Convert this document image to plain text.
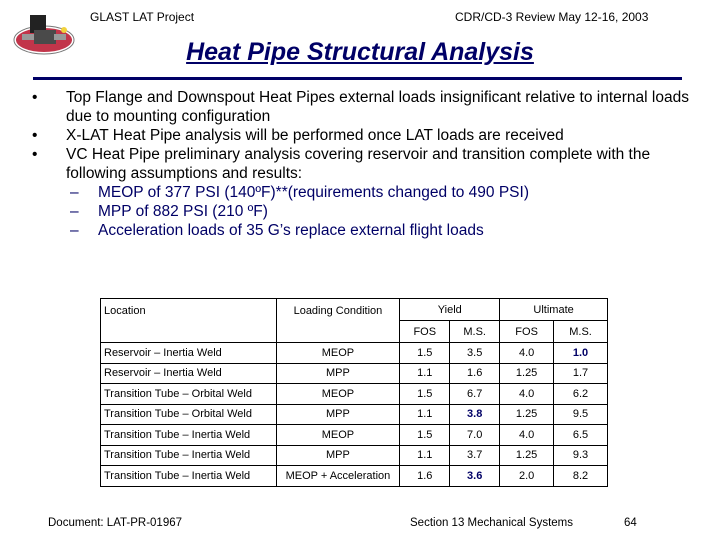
GLAST LAT Project	CDR/CD-3 Review May 12-16, 2003
Heat Pipe Structural Analysis
• Top Flange and Downspout Heat Pipes external loads insignificant relative to internal loads due to mounting configuration
• X-LAT Heat Pipe analysis will be performed once LAT loads are received
• VC Heat Pipe preliminary analysis covering reservoir and transition complete with the following assumptions and results:
– MEOP of 377 PSI (140ºF)**(requirements changed to 490 PSI)
– MPP of 882 PSI (210 ºF)
– Acceleration loads of 35 G’s replace external flight loads
Location	Loading Condition	Yield		Ultimate	
		FOS	M.S.	FOS	M.S.
Reservoir – Inertia Weld	MEOP	1.5	3.5	4.0	1.0
Reservoir – Inertia Weld	MPP	1.1	1.6	1.25	1.7
Transition Tube – Orbital Weld	MEOP	1.5	6.7	4.0	6.2
Transition Tube – Orbital Weld	MPP	1.1	3.8	1.25	9.5
Transition Tube – Inertia Weld	MEOP	1.5	7.0	4.0	6.5
Transition Tube – Inertia Weld	MPP	1.1	3.7	1.25	9.3
Transition Tube – Inertia Weld	MEOP + Acceleration	1.6	3.6	2.0	8.2
Document: LAT-PR-01967	Section 13 Mechanical Systems	64
